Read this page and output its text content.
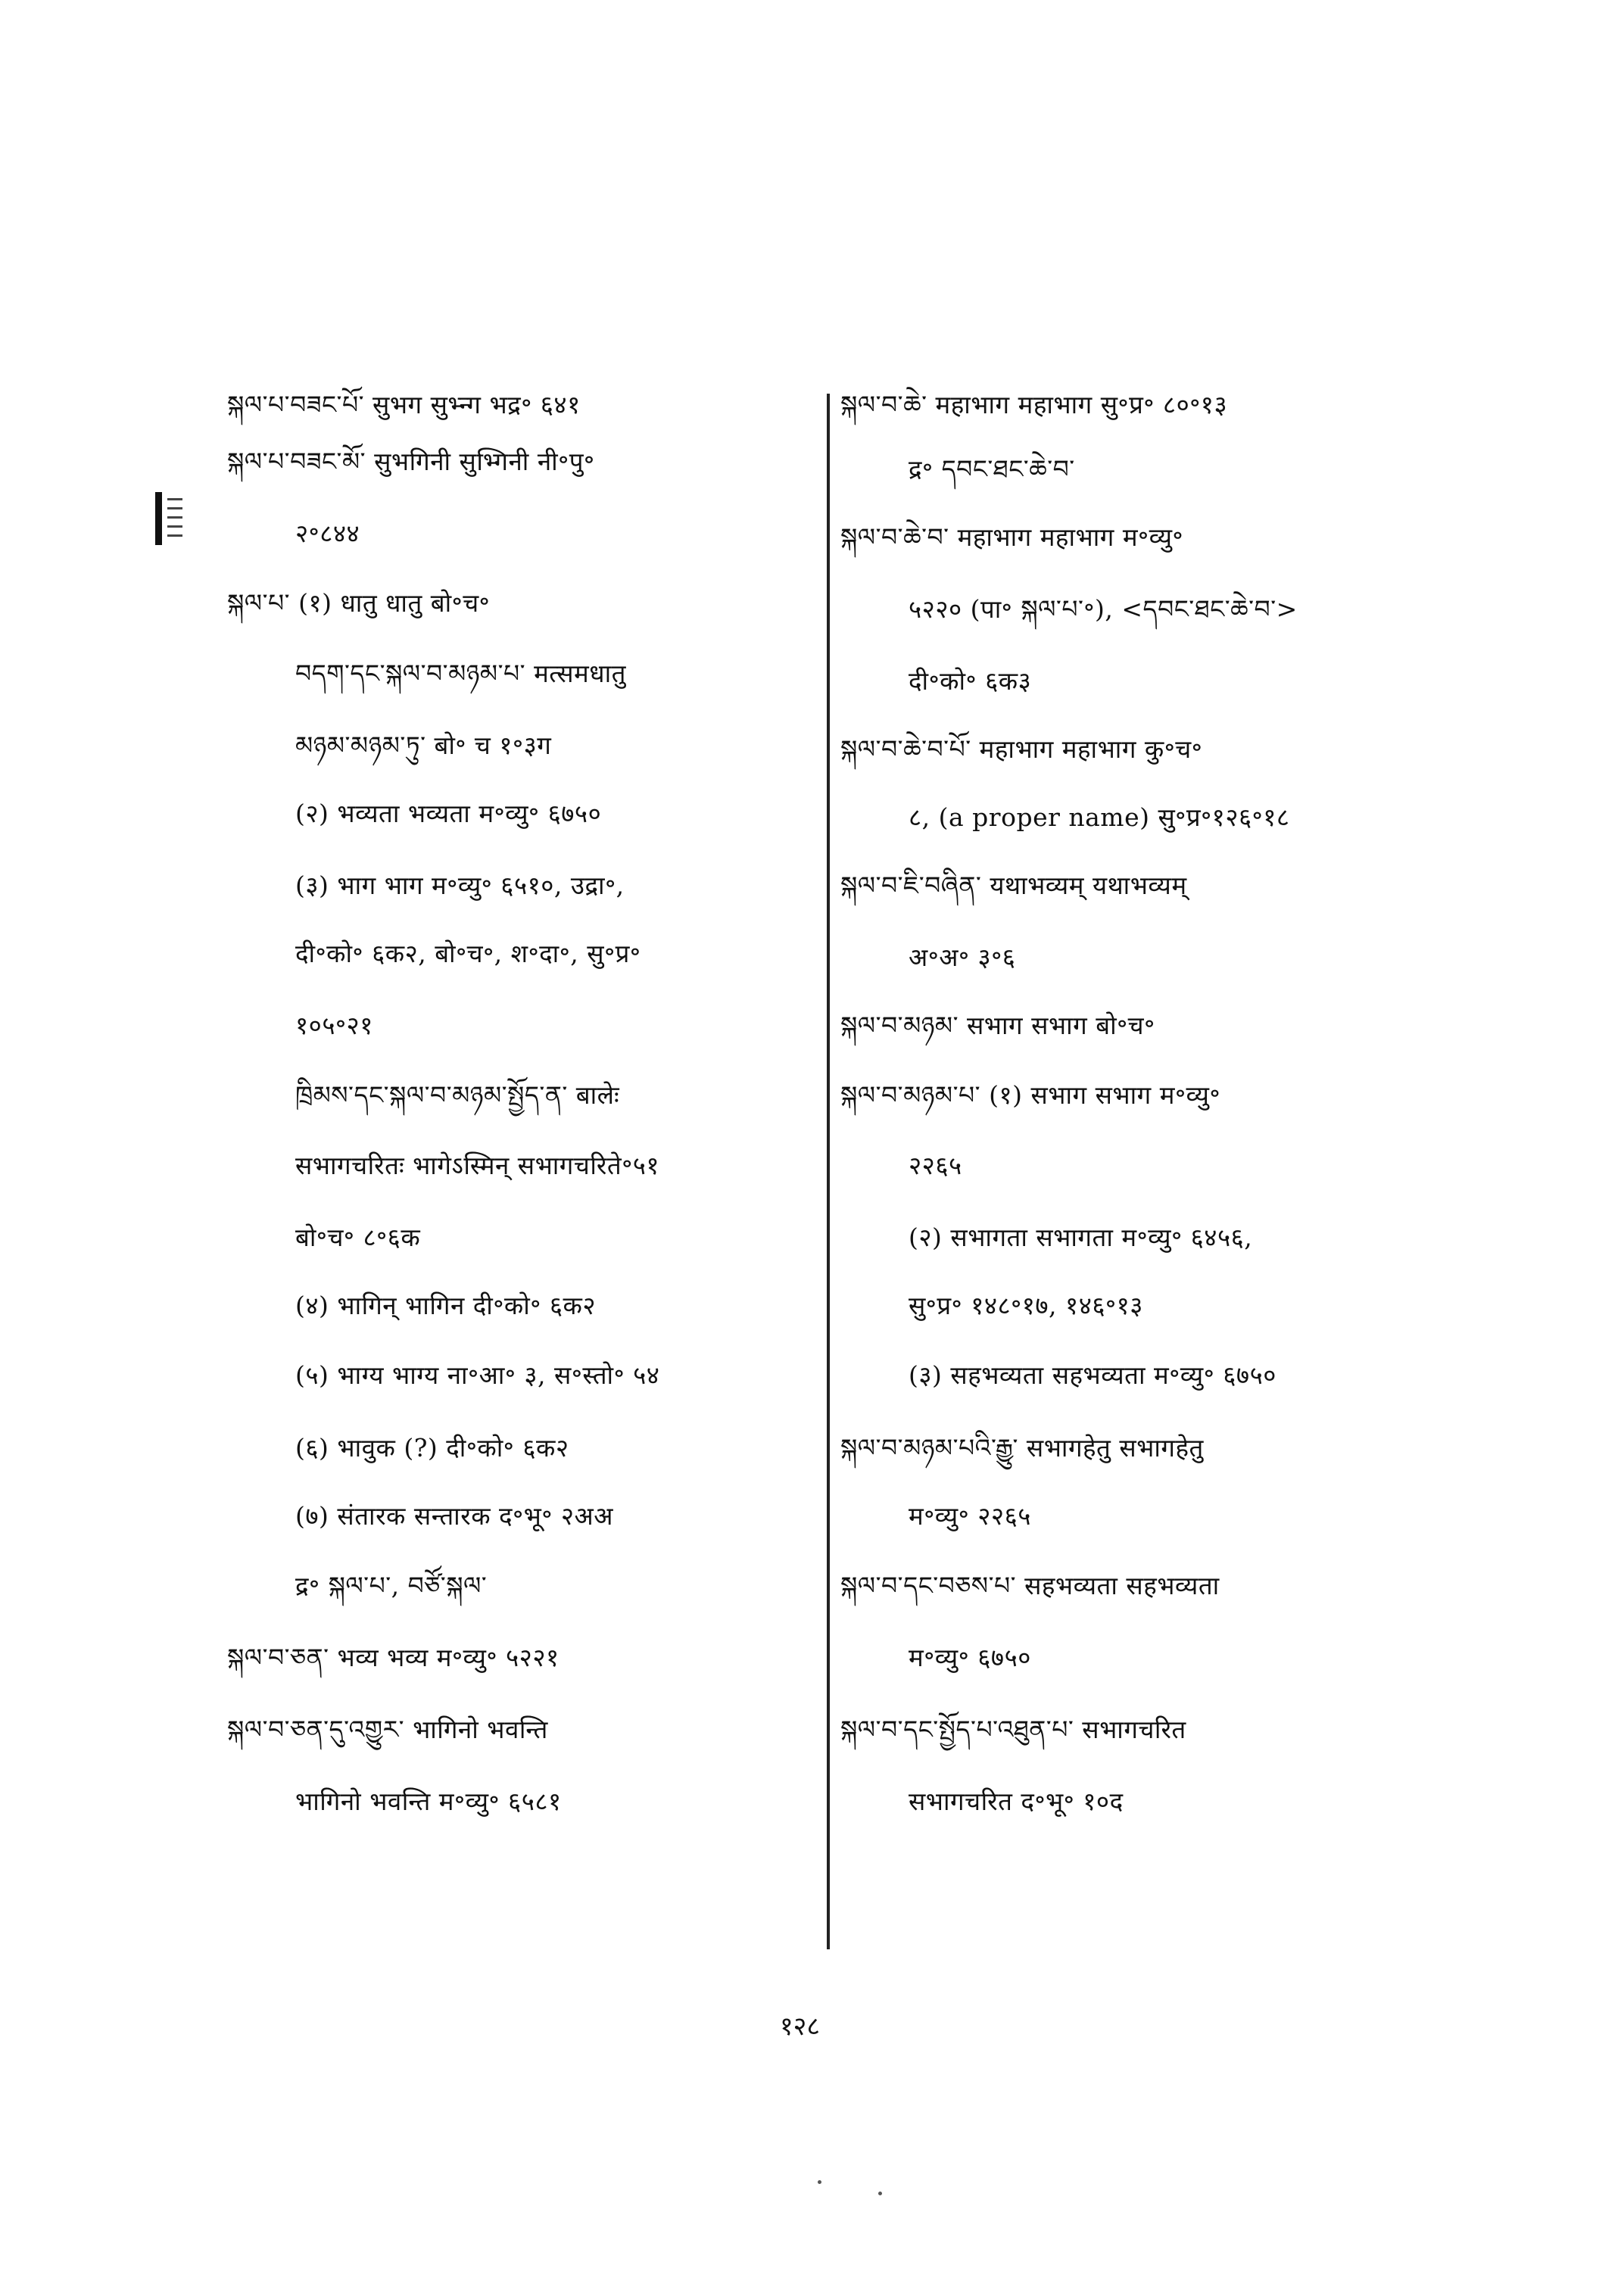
སྐལ་པ་བཟང་པོ་ सुभग सुभ्न्ग भद्र॰ ६४१
སྐལ་པ་བཟང་མོ་ सुभगिनी सुभ्गिनी नी॰पु॰
२॰८४४
སྐལ་པ་ (१) धातु धातु बो॰च॰
བདག་དང་སྐལ་བ་མཉམ་པ་ मत्समधातु
མཉམ་མཉམ་ཏུ་ बो॰ च १॰३ग
(२) भव्यता भव्यता म॰व्यु॰ ६७५०
(३) भाग भाग म॰व्यु॰ ६५१०, उद्रा॰,
दी॰को॰ ६क२, बो॰च॰, श॰दा॰, सु॰प्र॰
१०५॰२१
ཁྲིམས་དང་སྐལ་བ་མཉམ་སྤྱོད་ན་ बालेः
सभागचरितः भागेऽस्मिन् सभागचरिते॰५१
बो॰च॰ ८॰६क
(४) भागिन् भागिन दी॰को॰ ६क२
(५) भाग्य भाग्य ना॰आ॰ ३, स॰स्तो॰ ५४
(६) भावुक (?) दी॰को॰ ६क२
(७) संतारक सन्तारक द॰भू॰ २अअ
द्र॰ སྐལ་པ་, བཙོ་སྐལ་
སྐལ་བ་ཅན་ भव्य भव्य म॰व्यु॰ ५२२१
སྐལ་བ་ཅན་དུ་འགྱུར་ भागिनो भवन्ति
भागिनो भवन्ति म॰व्यु॰ ६५८१
སྐལ་བ་ཆེ་ महाभाग महाभाग सु॰प्र॰ ८०॰१३
द्र॰ དབང་ཐང་ཆེ་བ་
སྐལ་བ་ཆེ་བ་ महाभाग महाभाग म॰व्यु॰
५२२० (पा॰ སྐལ་པ་॰), <དབང་ཐང་ཆེ་བ་>
दी॰को॰ ६क३
སྐལ་བ་ཆེ་བ་པོ་ महाभाग महाभाग कु॰च॰
८, (a proper name) सु॰प्र॰१२६॰१८
སྐལ་བ་ཇི་བཞིན་ यथाभव्यम् यथाभव्यम्
अ॰अ॰ ३॰६
སྐལ་བ་མཉམ་ सभाग सभाग बो॰च॰
སྐལ་བ་མཉམ་པ་ (१) सभाग सभाग म॰व्यु॰
२२६५
(२) सभागता सभागता म॰व्यु॰ ६४५६,
सु॰प्र॰ १४८॰१७, १४६॰१३
(३) सहभव्यता सहभव्यता म॰व्यु॰ ६७५०
སྐལ་བ་མཉམ་པའི་རྒྱུ་ सभागहेतु सभागहेतु
म॰व्यु॰ २२६५
སྐལ་བ་དང་བཅས་པ་ सहभव्यता सहभव्यता
म॰व्यु॰ ६७५०
སྐལ་བ་དང་སྤྱོད་པ་འཐུན་པ་ सभागचरित
सभागचरित द॰भू॰ १०द
१२८
